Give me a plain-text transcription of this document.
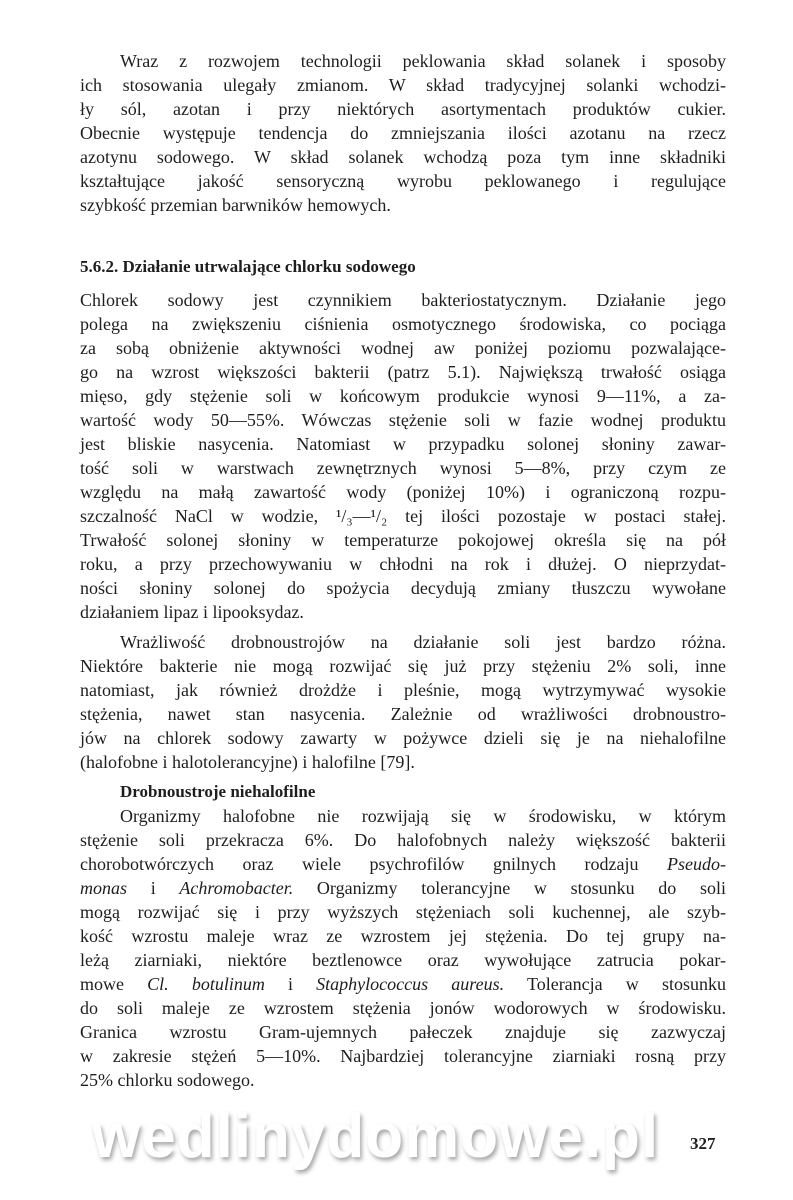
Wraz z rozwojem technologii peklowania skład solanek i sposoby
ich stosowania ulegały zmianom. W skład tradycyjnej solanki wchodzi-
ły sól, azotan i przy niektórych asortymentach produktów cukier.
Obecnie występuje tendencja do zmniejszania ilości azotanu na rzecz
azotynu sodowego. W skład solanek wchodzą poza tym inne składniki
kształtujące jakość sensoryczną wyrobu peklowanego i regulujące
szybkość przemian barwników hemowych.
5.6.2. Działanie utrwalające chlorku sodowego
Chlorek sodowy jest czynnikiem bakteriostatycznym. Działanie jego
polega na zwiększeniu ciśnienia osmotycznego środowiska, co pociąga
za sobą obniżenie aktywności wodnej aw poniżej poziomu pozwalające-
go na wzrost większości bakterii (patrz 5.1). Największą trwałość osiąga
mięso, gdy stężenie soli w końcowym produkcie wynosi 9—11%, a za-
wartość wody 50—55%. Wówczas stężenie soli w fazie wodnej produktu
jest bliskie nasycenia. Natomiast w przypadku solonej słoniny zawar-
tość soli w warstwach zewnętrznych wynosi 5—8%, przy czym ze
względu na małą zawartość wody (poniżej 10%) i ograniczoną rozpu-
szczalność NaCl w wodzie, ¹/₃—¹/₂ tej ilości pozostaje w postaci stałej.
Trwałość solonej słoniny w temperaturze pokojowej określa się na pół
roku, a przy przechowywaniu w chłodni na rok i dłużej. O nieprzydat-
ności słoniny solonej do spożycia decydują zmiany tłuszczu wywołane
działaniem lipaz i lipooksydaz.
Wrażliwość drobnoustrojów na działanie soli jest bardzo różna.
Niektóre bakterie nie mogą rozwijać się już przy stężeniu 2% soli, inne
natomiast, jak również drożdże i pleśnie, mogą wytrzymywać wysokie
stężenia, nawet stan nasycenia. Zależnie od wrażliwości drobnoustro-
jów na chlorek sodowy zawarty w pożywce dzieli się je na niehalofilne
(halofobne i halotolerancyjne) i halofilne [79].
Drobnoustroje niehalofilne
Organizmy halofobne nie rozwijają się w środowisku, w którym
stężenie soli przekracza 6%. Do halofobnych należy większość bakterii
chorobotwórczych oraz wiele psychrofilów gnilnych rodzaju Pseudo-
monas i Achromobacter. Organizmy tolerancyjne w stosunku do soli
mogą rozwijać się i przy wyższych stężeniach soli kuchennej, ale szyb-
kość wzrostu maleje wraz ze wzrostem jej stężenia. Do tej grupy na-
leżą ziarniaki, niektóre beztlenowce oraz wywołujące zatrucia pokar-
mowe Cl. botulinum i Staphylococcus aureus. Tolerancja w stosunku
do soli maleje ze wzrostem stężenia jonów wodorowych w środowisku.
Granica wzrostu Gram-ujemnych pałeczek znajduje się zazwyczaj
w zakresie stężeń 5—10%. Najbardziej tolerancyjne ziarniaki rosną przy
25% chlorku sodowego.
wedlinydomowe.pl 327
